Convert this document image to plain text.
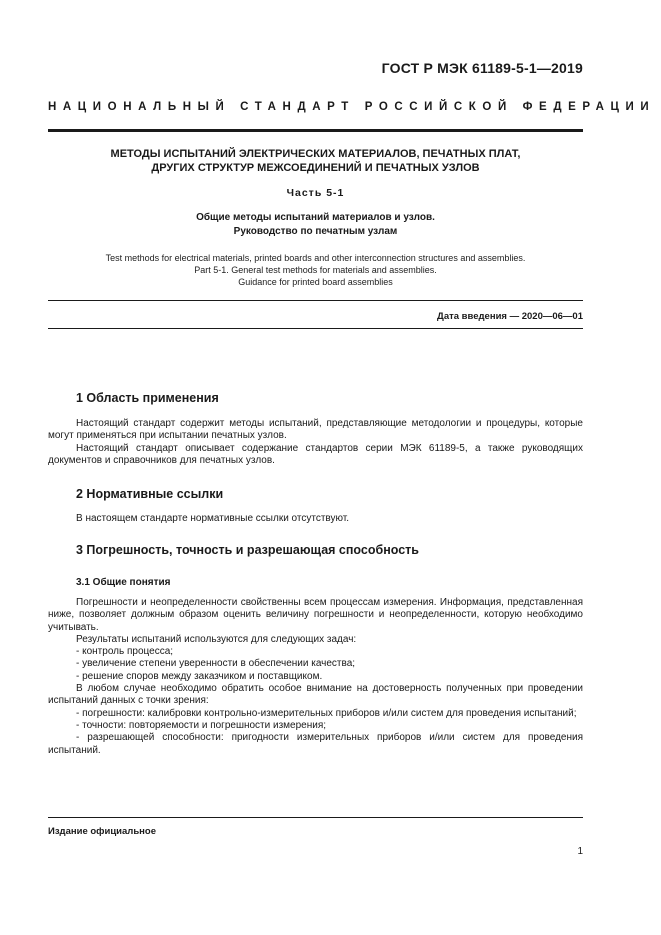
ГОСТ Р МЭК 61189-5-1—2019
НАЦИОНАЛЬНЫЙ СТАНДАРТ РОССИЙСКОЙ ФЕДЕРАЦИИ
МЕТОДЫ ИСПЫТАНИЙ ЭЛЕКТРИЧЕСКИХ МАТЕРИАЛОВ, ПЕЧАТНЫХ ПЛАТ,
ДРУГИХ СТРУКТУР МЕЖСОЕДИНЕНИЙ И ПЕЧАТНЫХ УЗЛОВ
Часть 5-1
Общие методы испытаний материалов и узлов.
Руководство по печатным узлам
Test methods for electrical materials, printed boards and other interconnection structures and assemblies.
Part 5-1. General test methods for materials and assemblies.
Guidance for printed board assemblies
Дата введения — 2020—06—01
1 Область применения

Настоящий стандарт содержит методы испытаний, представляющие методологии и процедуры, которые могут применяться при испытании печатных узлов.

Настоящий стандарт описывает содержание стандартов серии МЭК 61189-5, а также руководящих документов и справочников для печатных узлов.

2 Нормативные ссылки

В настоящем стандарте нормативные ссылки отсутствуют.

3 Погрешность, точность и разрешающая способность
3.1 Общие понятия

Погрешности и неопределенности свойственны всем процессам измерения. Информация, представленная ниже, позволяет должным образом оценить величину погрешности и неопределенности, которую необходимо учитывать.

Результаты испытаний используются для следующих задач:

- контроль процесса;

- увеличение степени уверенности в обеспечении качества;

- решение споров между заказчиком и поставщиком.

В любом случае необходимо обратить особое внимание на достоверность полученных при проведении испытаний данных с точки зрения:

- погрешности: калибровки контрольно-измерительных приборов и/или систем для проведения испытаний;

- точности: повторяемости и погрешности измерения;

- разрешающей способности: пригодности измерительных приборов и/или систем для проведения испытаний.

Издание официальное
1
